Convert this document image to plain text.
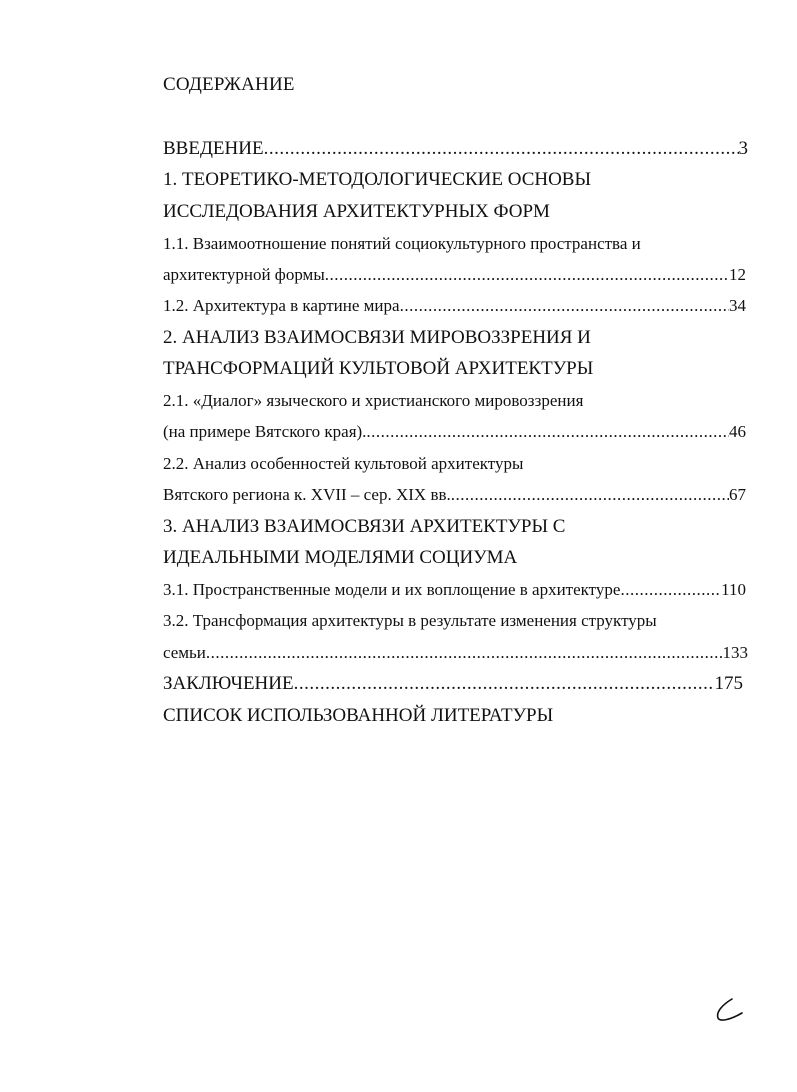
СОДЕРЖАНИЕ
ВВЕДЕНИЕ .....	3
1. ТЕОРЕТИКО-МЕТОДОЛОГИЧЕСКИЕ ОСНОВЫ
ИССЛЕДОВАНИЯ АРХИТЕКТУРНЫХ ФОРМ
1.1. Взаимоотношение понятий социокультурного пространства и
архитектурной формы .....	12
1.2. Архитектура в картине мира .....	34
2. АНАЛИЗ ВЗАИМОСВЯЗИ МИРОВОЗЗРЕНИЯ И
ТРАНСФОРМАЦИЙ КУЛЬТОВОЙ АРХИТЕКТУРЫ
2.1. «Диалог» языческого и христианского мировоззрения
(на примере Вятского края). .....	46
2.2. Анализ особенностей культовой архитектуры
Вятского региона к. XVII – сер. XIX вв. .....	67
3. АНАЛИЗ ВЗАИМОСВЯЗИ АРХИТЕКТУРЫ С
ИДЕАЛЬНЫМИ МОДЕЛЯМИ СОЦИУМА
3.1. Пространственные модели и их воплощение в архитектуре .....	110
3.2. Трансформация архитектуры в результате изменения структуры
семьи .....	133
ЗАКЛЮЧЕНИЕ .....	175
СПИСОК ИСПОЛЬЗОВАННОЙ ЛИТЕРАТУРЫ
